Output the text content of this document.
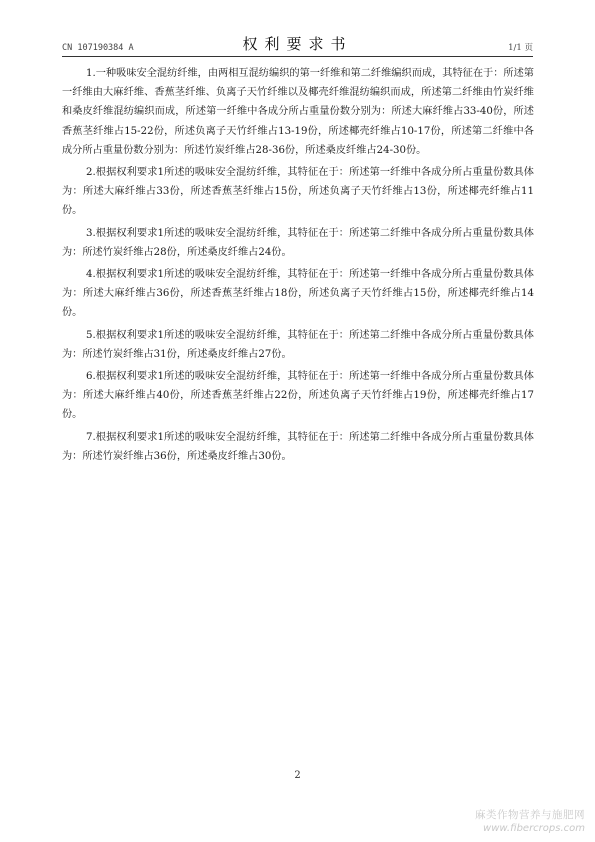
CN 107190384 A	权利要求书	1/1 页

1.一种吸味安全混纺纤维，由两相互混纺编织的第一纤维和第二纤维编织而成，其特征在于：所述第一纤维由大麻纤维、香蕉茎纤维、负离子天竹纤维以及椰壳纤维混纺编织而成，所述第二纤维由竹炭纤维和桑皮纤维混纺编织而成，所述第一纤维中各成分所占重量份数分别为：所述大麻纤维占33-40份，所述香蕉茎纤维占15-22份，所述负离子天竹纤维占13-19份，所述椰壳纤维占10-17份，所述第二纤维中各成分所占重量份数分别为：所述竹炭纤维占28-36份，所述桑皮纤维占24-30份。

2.根据权利要求1所述的吸味安全混纺纤维，其特征在于：所述第一纤维中各成分所占重量份数具体为：所述大麻纤维占33份，所述香蕉茎纤维占15份，所述负离子天竹纤维占13份，所述椰壳纤维占11份。

3.根据权利要求1所述的吸味安全混纺纤维，其特征在于：所述第二纤维中各成分所占重量份数具体为：所述竹炭纤维占28份，所述桑皮纤维占24份。

4.根据权利要求1所述的吸味安全混纺纤维，其特征在于：所述第一纤维中各成分所占重量份数具体为：所述大麻纤维占36份，所述香蕉茎纤维占18份，所述负离子天竹纤维占15份，所述椰壳纤维占14份。

5.根据权利要求1所述的吸味安全混纺纤维，其特征在于：所述第二纤维中各成分所占重量份数具体为：所述竹炭纤维占31份，所述桑皮纤维占27份。

6.根据权利要求1所述的吸味安全混纺纤维，其特征在于：所述第一纤维中各成分所占重量份数具体为：所述大麻纤维占40份，所述香蕉茎纤维占22份，所述负离子天竹纤维占19份，所述椰壳纤维占17份。

7.根据权利要求1所述的吸味安全混纺纤维，其特征在于：所述第二纤维中各成分所占重量份数具体为：所述竹炭纤维占36份，所述桑皮纤维占30份。

2
麻类作物营养与施肥网
www.fibercrops.com
